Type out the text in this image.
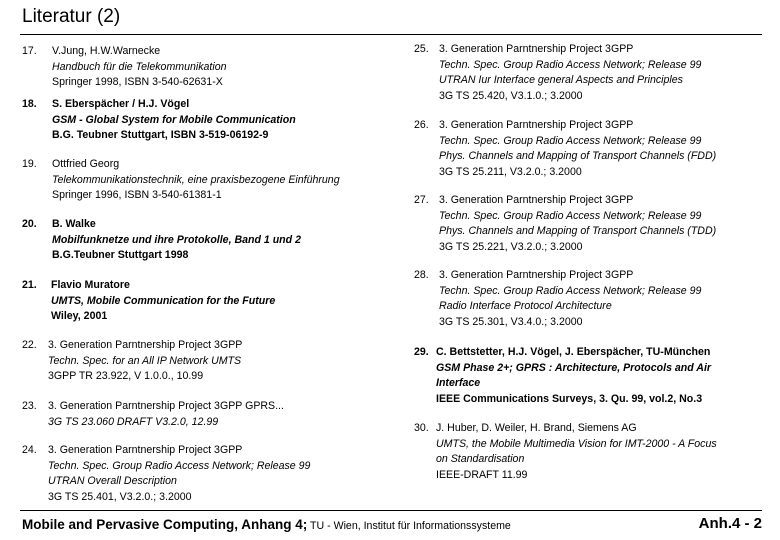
Literatur (2)
17. V.Jung, H.W.Warnecke
Handbuch für die Telekommunikation
Springer 1998, ISBN 3-540-62631-X
18. S. Eberspächer / H.J. Vögel
GSM - Global System for Mobile Communication
B.G. Teubner Stuttgart, ISBN 3-519-06192-9
19. Ottfried Georg
Telekommunikationstechnik, eine praxisbezogene Einführung
Springer 1996, ISBN 3-540-61381-1
20. B. Walke
Mobilfunknetze und ihre Protokolle, Band 1 und 2
B.G.Teubner Stuttgart 1998
21. Flavio Muratore
UMTS, Mobile Communication for the Future
Wiley, 2001
22. 3. Generation Parntnership Project 3GPP
Techn. Spec. for an All IP Network UMTS
3GPP TR 23.922, V 1.0.0., 10.99
23. 3. Generation Parntnership Project 3GPP GPRS...
3G TS 23.060 DRAFT V3.2.0, 12.99
24. 3. Generation Parntnership Project 3GPP
Techn. Spec. Group Radio Access Network; Release 99
UTRAN Overall Description
3G TS 25.401, V3.2.0.; 3.2000
25. 3. Generation Parntnership Project 3GPP
Techn. Spec. Group Radio Access Network; Release 99
UTRAN Iur Interface general Aspects and Principles
3G TS 25.420, V3.1.0.; 3.2000
26. 3. Generation Parntnership Project 3GPP
Techn. Spec. Group Radio Access Network; Release 99
Phys. Channels and Mapping of Transport Channels (FDD)
3G TS 25.211, V3.2.0.; 3.2000
27. 3. Generation Parntnership Project 3GPP
Techn. Spec. Group Radio Access Network; Release 99
Phys. Channels and Mapping of Transport Channels (TDD)
3G TS 25.221, V3.2.0.; 3.2000
28. 3. Generation Parntnership Project 3GPP
Techn. Spec. Group Radio Access Network; Release 99
Radio Interface Protocol Architecture
3G TS 25.301, V3.4.0.; 3.2000
29. C. Bettstetter, H.J. Vögel, J. Eberspächer, TU-München
GSM Phase 2+; GPRS : Architecture, Protocols and Air
Interface
IEEE Communications Surveys, 3. Qu. 99, vol.2, No.3
30. J. Huber, D. Weiler, H. Brand, Siemens AG
UMTS, the Mobile Multimedia Vision for IMT-2000 - A Focus
on Standardisation
IEEE-DRAFT 11.99
Mobile and Pervasive Computing, Anhang 4; TU - Wien, Institut für Informationssysteme	Anh.4 - 2
